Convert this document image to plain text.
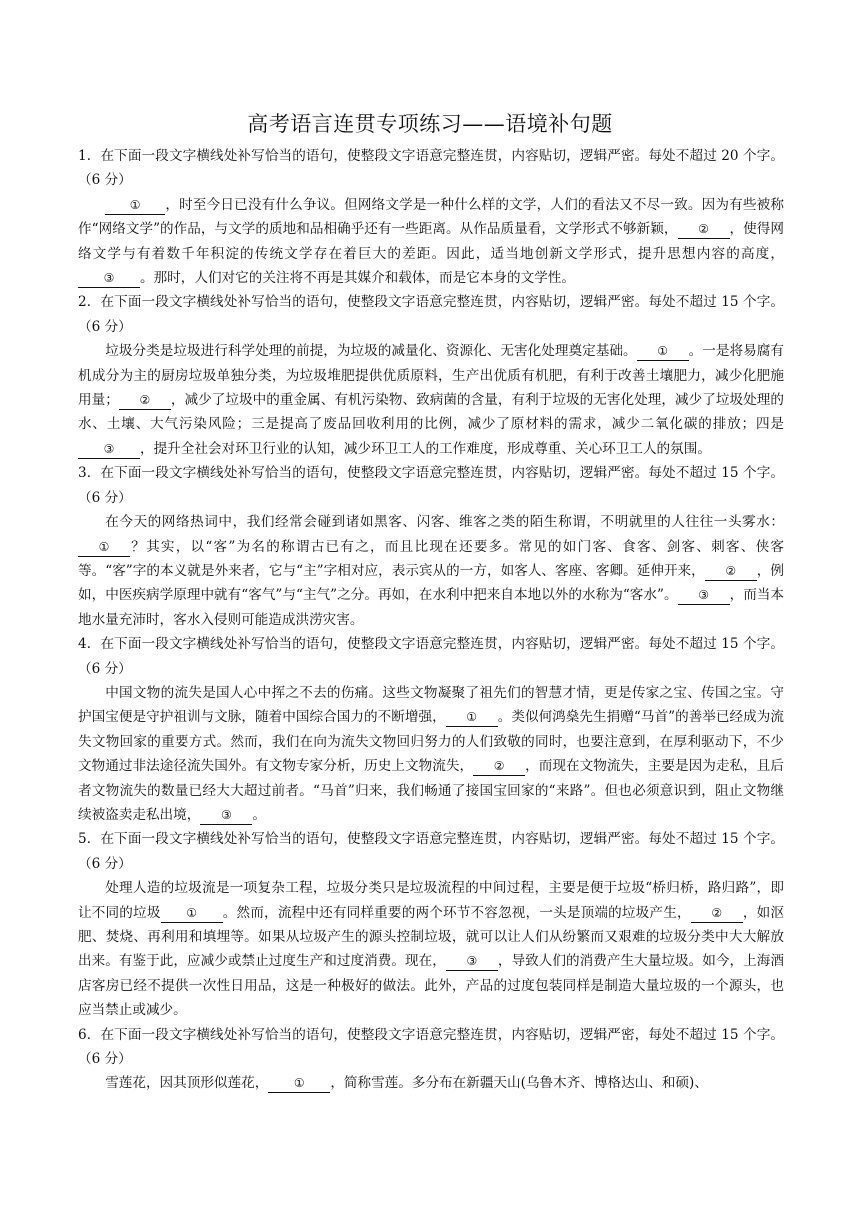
高考语言连贯专项练习——语境补句题

1．在下面一段文字横线处补写恰当的语句，使整段文字语意完整连贯，内容贴切，逻辑严密。每处不超过 20 个字。（6 分）

① ，时至今日已没有什么争议。但网络文学是一种什么样的文学，人们的看法又不尽一致。因为有些被称作“网络文学”的作品，与文学的质地和品相确乎还有一些距离。从作品质量看，文学形式不够新颖， ② ，使得网络文学与有着数千年积淀的传统文学存在着巨大的差距。因此，适当地创新文学形式，提升思想内容的高度，③ 。那时，人们对它的关注将不再是其媒介和载体，而是它本身的文学性。

2．在下面一段文字横线处补写恰当的语句，使整段文字语意完整连贯，内容贴切，逻辑严密。每处不超过 15 个字。（6 分）

垃圾分类是垃圾进行科学处理的前提，为垃圾的减量化、资源化、无害化处理奠定基础。 ① 。一是将易腐有机成分为主的厨房垃圾单独分类，为垃圾堆肥提供优质原料，生产出优质有机肥，有利于改善土壤肥力，减少化肥施用量； ② ，减少了垃圾中的重金属、有机污染物、致病菌的含量，有利于垃圾的无害化处理，减少了垃圾处理的水、土壤、大气污染风险；三是提高了废品回收利用的比例，减少了原材料的需求，减少二氧化碳的排放；四是③ ，提升全社会对环卫行业的认知，减少环卫工人的工作难度，形成尊重、关心环卫工人的氛围。

3．在下面一段文字横线处补写恰当的语句，使整段文字语意完整连贯，内容贴切，逻辑严密。每处不超过 15 个字。（6 分）

在今天的网络热词中，我们经常会碰到诸如黑客、闪客、维客之类的陌生称谓，不明就里的人往往一头雾水：① ？其实，以“客”为名的称谓古已有之，而且比现在还要多。常见的如门客、食客、剑客、刺客、侠客等。“客”字的本义就是外来者，它与“主”字相对应，表示宾从的一方，如客人、客座、客卿。延伸开来， ② ，例如，中医疾病学原理中就有“客气”与“主气”之分。再如，在水利中把来自本地以外的水称为“客水”。 ③ ，而当本地水量充沛时，客水入侵则可能造成洪涝灾害。

4．在下面一段文字横线处补写恰当的语句，使整段文字语意完整连贯，内容贴切，逻辑严密。每处不超过 15 个字。（6 分）

中国文物的流失是国人心中挥之不去的伤痛。这些文物凝聚了祖先们的智慧才情，更是传家之宝、传国之宝。守护国宝便是守护祖训与文脉，随着中国综合国力的不断增强， ① 。类似何鸿燊先生捐赠“马首”的善举已经成为流失文物回家的重要方式。然而，我们在向为流失文物回归努力的人们致敬的同时，也要注意到，在厚利驱动下，不少文物通过非法途径流失国外。有文物专家分析，历史上文物流失， ② ，而现在文物流失，主要是因为走私，且后者文物流失的数量已经大大超过前者。“马首”归来，我们畅通了接国宝回家的“来路”。但也必须意识到，阻止文物继续被盗卖走私出境， ③ 。

5．在下面一段文字横线处补写恰当的语句，使整段文字语意完整连贯，内容贴切，逻辑严密。每处不超过 15 个字。（6 分）

处理人造的垃圾流是一项复杂工程，垃圾分类只是垃圾流程的中间过程，主要是便于垃圾“桥归桥，路归路”，即让不同的垃圾 ① 。然而，流程中还有同样重要的两个环节不容忽视，一头是顶端的垃圾产生， ② ，如沤肥、焚烧、再利用和填埋等。如果从垃圾产生的源头控制垃圾，就可以让人们从纷繁而又艰难的垃圾分类中大大解放出来。有鉴于此，应减少或禁止过度生产和过度消费。现在， ③ ，导致人们的消费产生大量垃圾。如今，上海酒店客房已经不提供一次性日用品，这是一种极好的做法。此外，产品的过度包装同样是制造大量垃圾的一个源头，也应当禁止或减少。

6．在下面一段文字横线处补写恰当的语句，使整段文字语意完整连贯，内容贴切，逻辑严密，每处不超过 15 个字。（6 分）

雪莲花，因其顶形似莲花， ① ，简称雪莲。多分布在新疆天山(乌鲁木齐、博格达山、和硕)、
